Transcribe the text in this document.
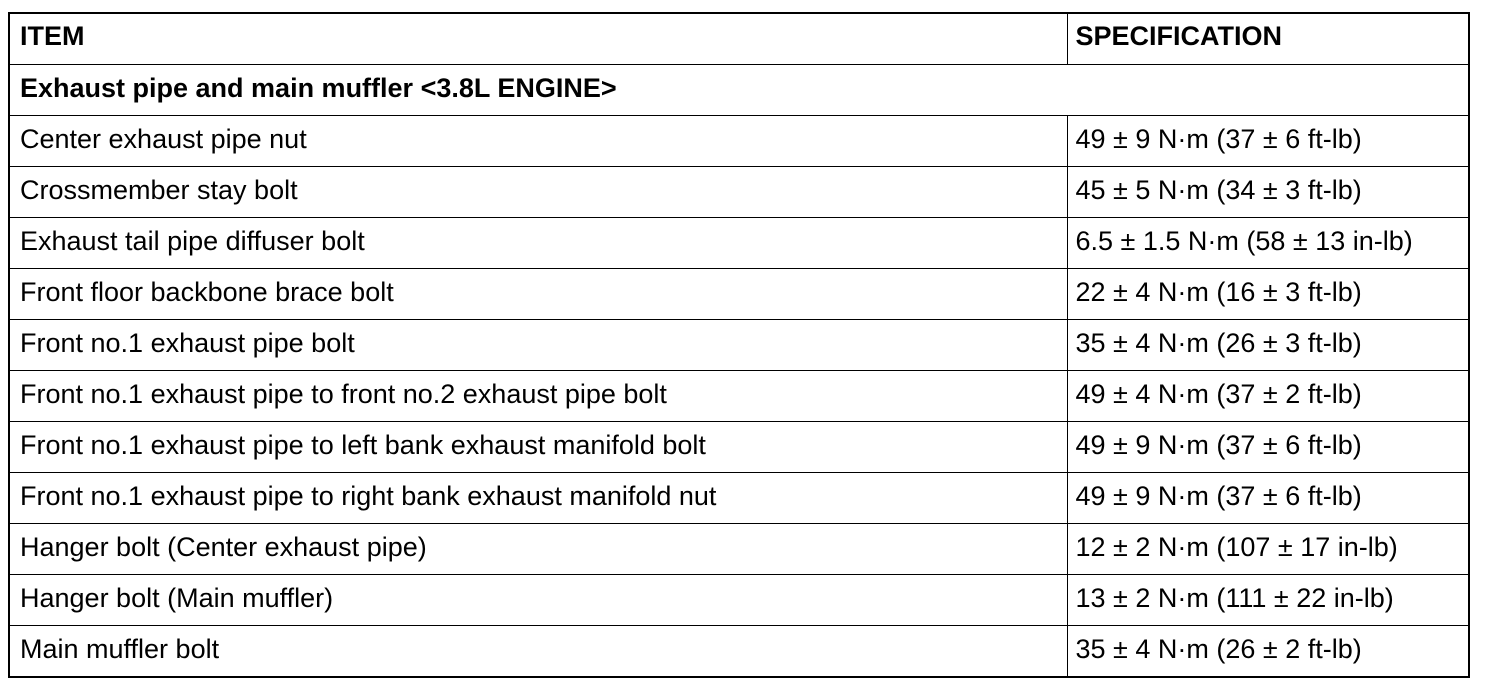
ITEM	SPECIFICATION
Exhaust pipe and main muffler <3.8L ENGINE>	
Center exhaust pipe nut	49 ± 9 N·m (37 ± 6 ft-lb)
Crossmember stay bolt	45 ± 5 N·m (34 ± 3 ft-lb)
Exhaust tail pipe diffuser bolt	6.5 ± 1.5 N·m (58 ± 13 in-lb)
Front floor backbone brace bolt	22 ± 4 N·m (16 ± 3 ft-lb)
Front no.1 exhaust pipe bolt	35 ± 4 N·m (26 ± 3 ft-lb)
Front no.1 exhaust pipe to front no.2 exhaust pipe bolt	49 ± 4 N·m (37 ± 2 ft-lb)
Front no.1 exhaust pipe to left bank exhaust manifold bolt	49 ± 9 N·m (37 ± 6 ft-lb)
Front no.1 exhaust pipe to right bank exhaust manifold nut	49 ± 9 N·m (37 ± 6 ft-lb)
Hanger bolt (Center exhaust pipe)	12 ± 2 N·m (107 ± 17 in-lb)
Hanger bolt (Main muffler)	13 ± 2 N·m (111 ± 22 in-lb)
Main muffler bolt	35 ± 4 N·m (26 ± 2 ft-lb)
